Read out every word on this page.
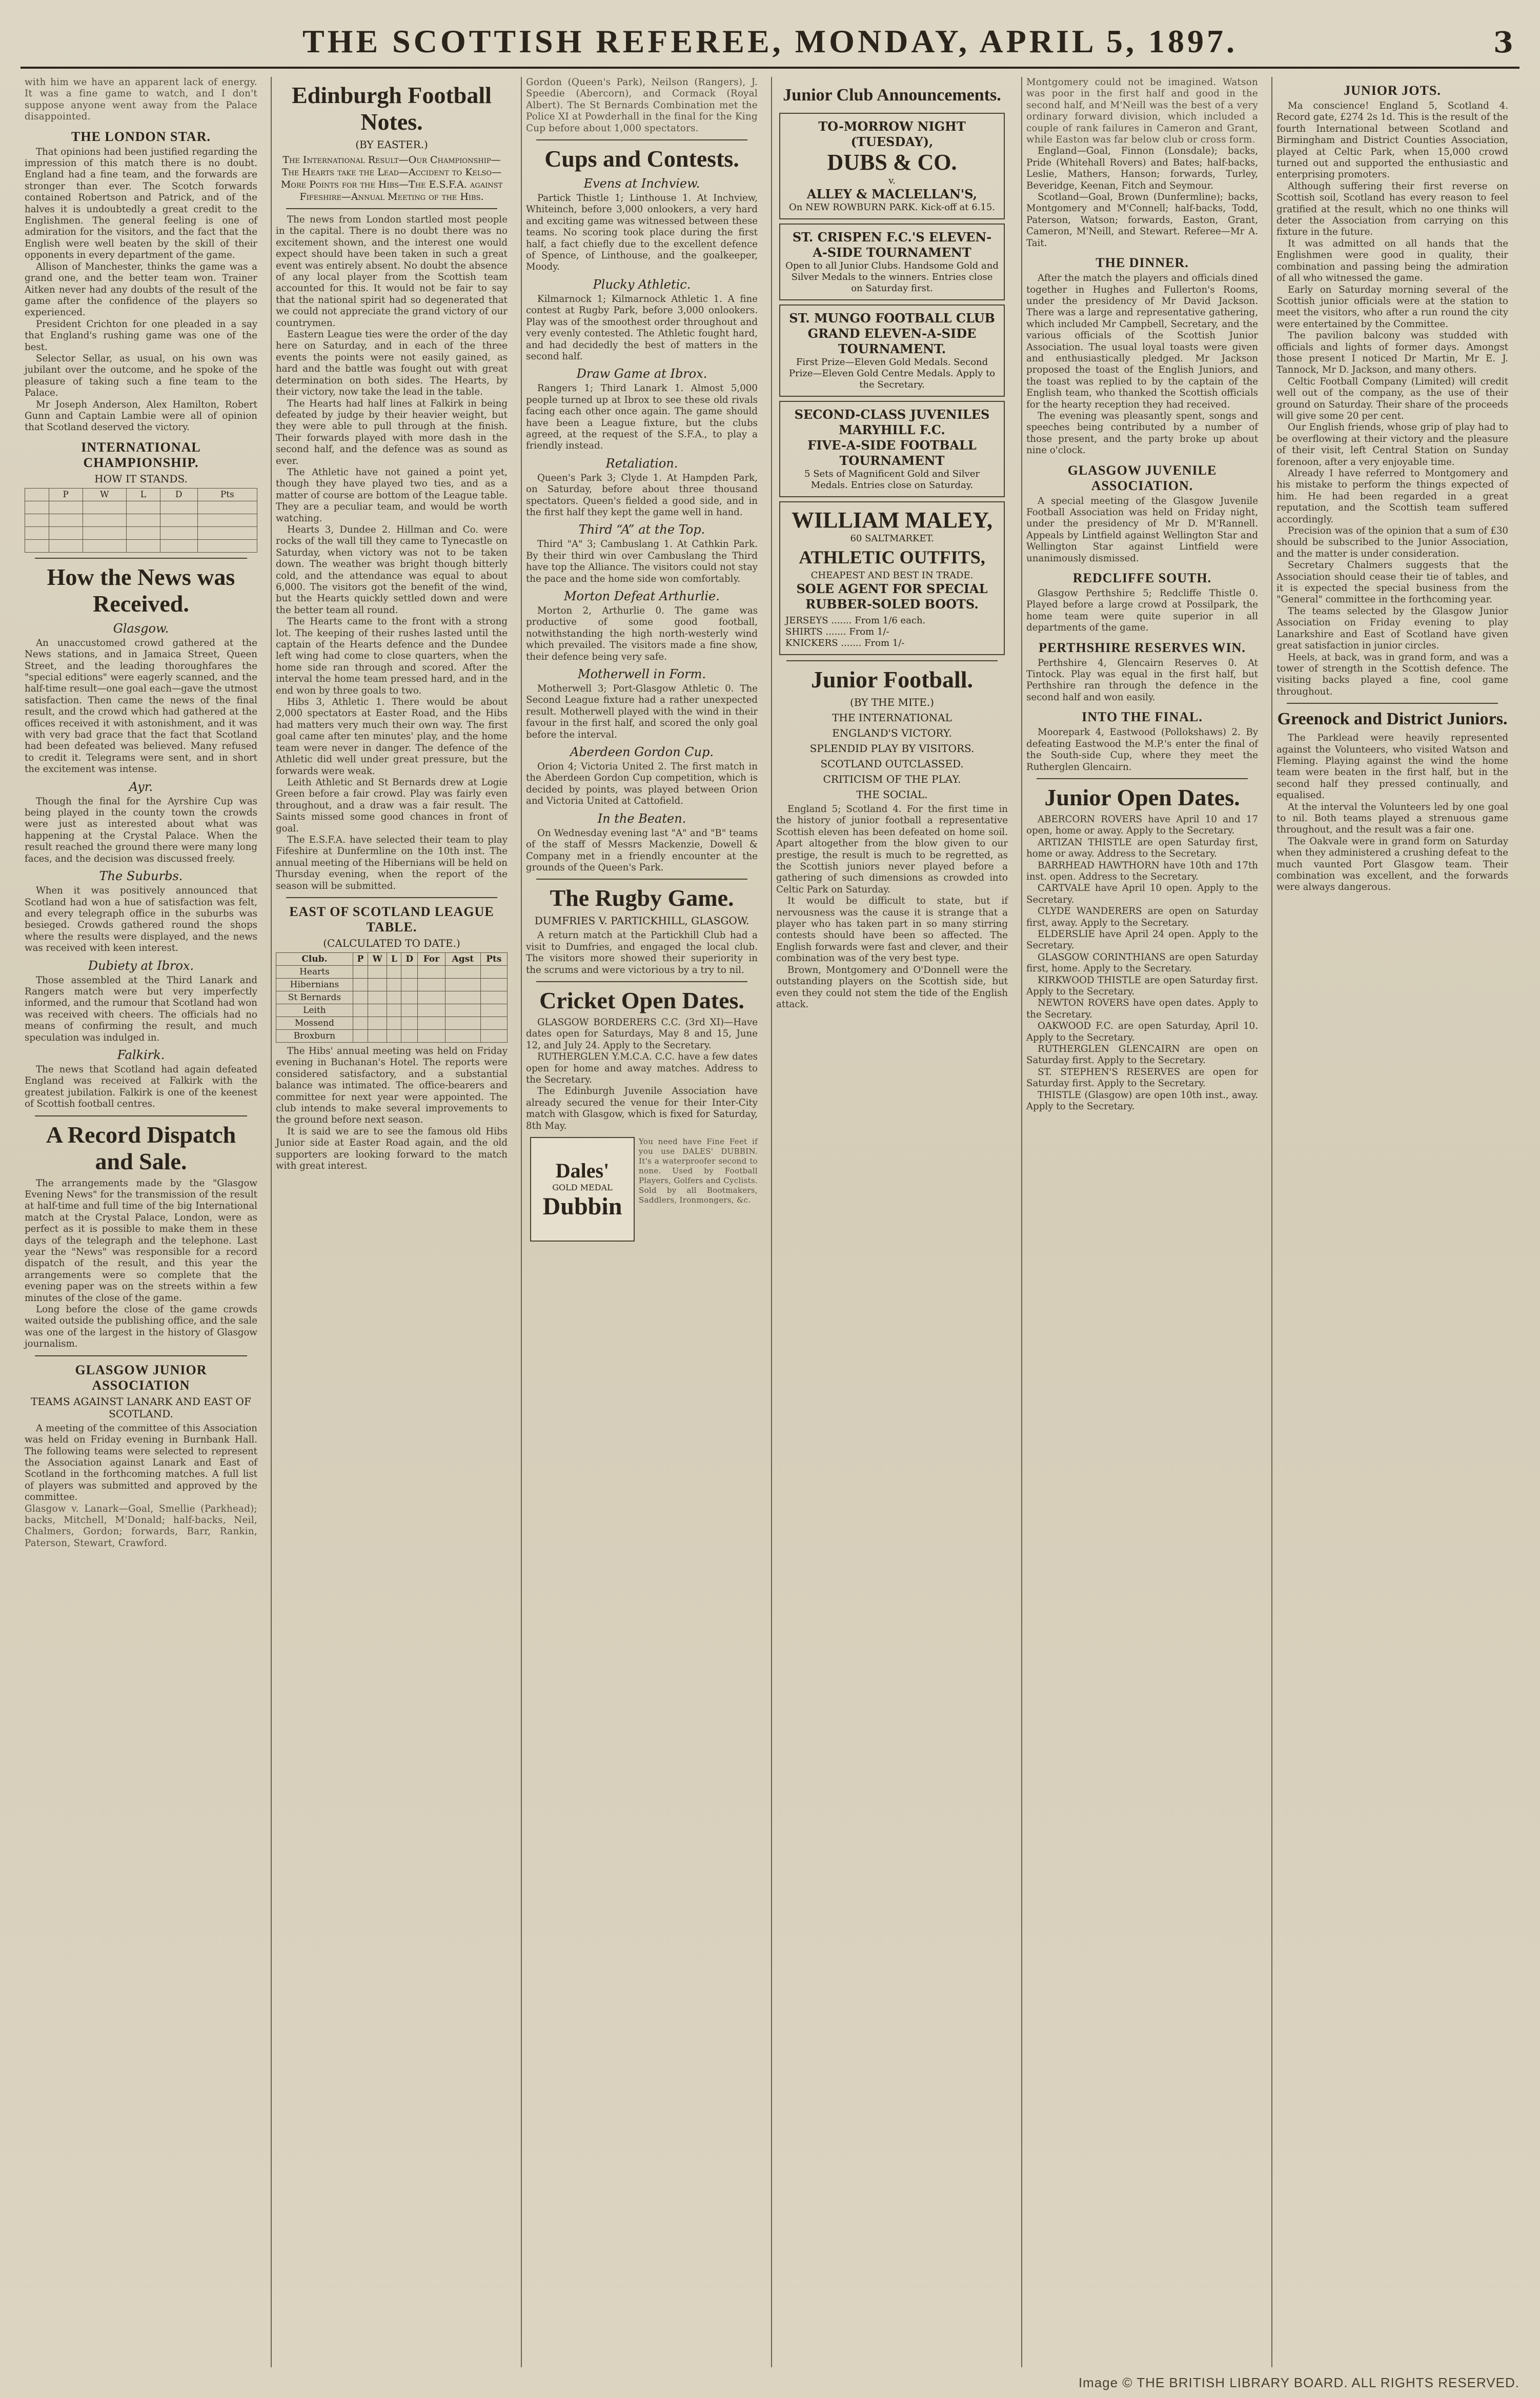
THE SCOTTISH REFEREE, MONDAY, APRIL 5, 1897.	3

with him we have an apparent lack of energy. It was a fine game to watch, and I don't suppose anyone went away from the Palace disappointed.

THE LONDON STAR.

That opinions had been justified regarding the impression of this match there is no doubt. England had a fine team, and the forwards are stronger than ever. The Scotch forwards contained Robertson and Patrick, and of the halves it is undoubtedly a great credit to the Englishmen. The general feeling is one of admiration for the visitors, and the fact that the English were well beaten by the skill of their opponents in every department of the game.

Allison of Manchester, thinks the game was a grand one, and the better team won. Trainer Aitken never had any doubts of the result of the game after the confidence of the players so experienced.

President Crichton for one pleaded in a say that England's rushing game was one of the best.

Selector Sellar, as usual, on his own was jubilant over the outcome, and he spoke of the pleasure of taking such a fine team to the Palace.

Mr Joseph Anderson, Alex Hamilton, Robert Gunn and Captain Lambie were all of opinion that Scotland deserved the victory.

INTERNATIONAL CHAMPIONSHIP.
HOW IT STANDS.
	P	W	L	D	Pts

How the News was Received.
Glasgow.

An unaccustomed crowd gathered at the News stations, and in Jamaica Street, Queen Street, and the leading thoroughfares the "special editions" were eagerly scanned, and the half-time result—one goal each—gave the utmost satisfaction. Then came the news of the final result, and the crowd which had gathered at the offices received it with astonishment, and it was with very bad grace that the fact that Scotland had been defeated was believed. Many refused to credit it. Telegrams were sent, and in short the excitement was intense.

Ayr.

Though the final for the Ayrshire Cup was being played in the county town the crowds were just as interested about what was happening at the Crystal Palace. When the result reached the ground there were many long faces, and the decision was discussed freely.

The Suburbs.

When it was positively announced that Scotland had won a hue of satisfaction was felt, and every telegraph office in the suburbs was besieged. Crowds gathered round the shops where the results were displayed, and the news was received with keen interest.

Dubiety at Ibrox.

Those assembled at the Third Lanark and Rangers match were but very imperfectly informed, and the rumour that Scotland had won was received with cheers. The officials had no means of confirming the result, and much speculation was indulged in.

Falkirk.

The news that Scotland had again defeated England was received at Falkirk with the greatest jubilation. Falkirk is one of the keenest of Scottish football centres.

A Record Dispatch and Sale.

The arrangements made by the "Glasgow Evening News" for the transmission of the result at half-time and full time of the big International match at the Crystal Palace, London, were as perfect as it is possible to make them in these days of the telegraph and the telephone. Last year the "News" was responsible for a record dispatch of the result, and this year the arrangements were so complete that the evening paper was on the streets within a few minutes of the close of the game.

Long before the close of the game crowds waited outside the publishing office, and the sale was one of the largest in the history of Glasgow journalism.

GLASGOW JUNIOR ASSOCIATION
TEAMS AGAINST LANARK AND EAST OF SCOTLAND.

A meeting of the committee of this Association was held on Friday evening in Burnbank Hall. The following teams were selected to represent the Association against Lanark and East of Scotland in the forthcoming matches. A full list of players was submitted and approved by the committee.

Glasgow v. Lanark—Goal, Smellie (Parkhead); backs, Mitchell, M'Donald; half-backs, Neil, Chalmers, Gordon; forwards, Barr, Rankin, Paterson, Stewart, Crawford.

Edinburgh Football Notes.
(BY EASTER.)
The International Result—Our Championship—The Hearts take the Lead—Accident to Kelso—More Points for the Hibs—The E.S.F.A. against Fifeshire—Annual Meeting of the Hibs.

The news from London startled most people in the capital. There is no doubt there was no excitement shown, and the interest one would expect should have been taken in such a great event was entirely absent. No doubt the absence of any local player from the Scottish team accounted for this. It would not be fair to say that the national spirit had so degenerated that we could not appreciate the grand victory of our countrymen.

Eastern League ties were the order of the day here on Saturday, and in each of the three events the points were not easily gained, as hard and the battle was fought out with great determination on both sides. The Hearts, by their victory, now take the lead in the table.

The Hearts had half lines at Falkirk in being defeated by judge by their heavier weight, but they were able to pull through at the finish. Their forwards played with more dash in the second half, and the defence was as sound as ever.

The Athletic have not gained a point yet, though they have played two ties, and as a matter of course are bottom of the League table. They are a peculiar team, and would be worth watching.

Hearts 3, Dundee 2. Hillman and Co. were rocks of the wall till they came to Tynecastle on Saturday, when victory was not to be taken down. The weather was bright though bitterly cold, and the attendance was equal to about 6,000. The visitors got the benefit of the wind, but the Hearts quickly settled down and were the better team all round.

The Hearts came to the front with a strong lot. The keeping of their rushes lasted until the captain of the Hearts defence and the Dundee left wing had come to close quarters, when the home side ran through and scored. After the interval the home team pressed hard, and in the end won by three goals to two.

Hibs 3, Athletic 1. There would be about 2,000 spectators at Easter Road, and the Hibs had matters very much their own way. The first goal came after ten minutes' play, and the home team were never in danger. The defence of the Athletic did well under great pressure, but the forwards were weak.

Leith Athletic and St Bernards drew at Logie Green before a fair crowd. Play was fairly even throughout, and a draw was a fair result. The Saints missed some good chances in front of goal.

The E.S.F.A. have selected their team to play Fifeshire at Dunfermline on the 10th inst. The annual meeting of the Hibernians will be held on Thursday evening, when the report of the season will be submitted.

EAST OF SCOTLAND LEAGUE TABLE.
(CALCULATED TO DATE.)
Club.	P	W	L	D	For	Agst	Pts
Hearts							
Hibernians							
St Bernards							
Leith							
Mossend							
Broxburn							

The Hibs' annual meeting was held on Friday evening in Buchanan's Hotel. The reports were considered satisfactory, and a substantial balance was intimated. The office-bearers and committee for next year were appointed. The club intends to make several improvements to the ground before next season.

It is said we are to see the famous old Hibs Junior side at Easter Road again, and the old supporters are looking forward to the match with great interest.

Gordon (Queen's Park), Neilson (Rangers), J. Speedie (Abercorn), and Cormack (Royal Albert). The St Bernards Combination met the Police XI at Powderhall in the final for the King Cup before about 1,000 spectators.

Cups and Contests.
Evens at Inchview.

Partick Thistle 1; Linthouse 1. At Inchview, Whiteinch, before 3,000 onlookers, a very hard and exciting game was witnessed between these teams. No scoring took place during the first half, a fact chiefly due to the excellent defence of Spence, of Linthouse, and the goalkeeper, Moody.

Plucky Athletic.

Kilmarnock 1; Kilmarnock Athletic 1. A fine contest at Rugby Park, before 3,000 onlookers. Play was of the smoothest order throughout and very evenly contested. The Athletic fought hard, and had decidedly the best of matters in the second half.

Draw Game at Ibrox.

Rangers 1; Third Lanark 1. Almost 5,000 people turned up at Ibrox to see these old rivals facing each other once again. The game should have been a League fixture, but the clubs agreed, at the request of the S.F.A., to play a friendly instead.

Retaliation.

Queen's Park 3; Clyde 1. At Hampden Park, on Saturday, before about three thousand spectators. Queen's fielded a good side, and in the first half they kept the game well in hand.

Third “A” at the Top.

Third "A" 3; Cambuslang 1. At Cathkin Park. By their third win over Cambuslang the Third have top the Alliance. The visitors could not stay the pace and the home side won comfortably.

Morton Defeat Arthurlie.

Morton 2, Arthurlie 0. The game was productive of some good football, notwithstanding the high north-westerly wind which prevailed. The visitors made a fine show, their defence being very safe.

Motherwell in Form.

Motherwell 3; Port-Glasgow Athletic 0. The Second League fixture had a rather unexpected result. Motherwell played with the wind in their favour in the first half, and scored the only goal before the interval.

Aberdeen Gordon Cup.

Orion 4; Victoria United 2. The first match in the Aberdeen Gordon Cup competition, which is decided by points, was played between Orion and Victoria United at Cattofield.

In the Beaten.

On Wednesday evening last "A" and "B" teams of the staff of Messrs Mackenzie, Dowell & Company met in a friendly encounter at the grounds of the Queen's Park.

The Rugby Game.
DUMFRIES V. PARTICKHILL, GLASGOW.

A return match at the Partickhill Club had a visit to Dumfries, and engaged the local club. The visitors more showed their superiority in the scrums and were victorious by a try to nil.

Cricket Open Dates.

GLASGOW BORDERERS C.C. (3rd XI)—Have dates open for Saturdays, May 8 and 15, June 12, and July 24. Apply to the Secretary.

RUTHERGLEN Y.M.C.A. C.C. have a few dates open for home and away matches. Address to the Secretary.

The Edinburgh Juvenile Association have already secured the venue for their Inter-City match with Glasgow, which is fixed for Saturday, 8th May.

Dales'
GOLD MEDAL
Dubbin

You need have Fine Feet if you use DALES' DUBBIN. It's a waterproofer second to none. Used by Football Players, Golfers and Cyclists. Sold by all Bootmakers, Saddlers, Ironmongers, &c.

Junior Club Announcements.
TO-MORROW NIGHT (TUESDAY),
DUBS & CO.
v.
ALLEY & MACLELLAN'S,
On NEW ROWBURN PARK. Kick-off at 6.15.
ST. CRISPEN F.C.'S ELEVEN-A-SIDE TOURNAMENT
Open to all Junior Clubs. Handsome Gold and Silver Medals to the winners. Entries close on Saturday first.
ST. MUNGO FOOTBALL CLUB
GRAND ELEVEN-A-SIDE TOURNAMENT.
First Prize—Eleven Gold Medals. Second Prize—Eleven Gold Centre Medals. Apply to the Secretary.
SECOND-CLASS JUVENILES
MARYHILL F.C.
FIVE-A-SIDE FOOTBALL TOURNAMENT
5 Sets of Magnificent Gold and Silver Medals. Entries close on Saturday.
WILLIAM MALEY,
60 SALTMARKET.
ATHLETIC OUTFITS,
CHEAPEST AND BEST IN TRADE.
SOLE AGENT FOR SPECIAL RUBBER-SOLED BOOTS.
JERSEYS ....... From 1/6 each.
SHIRTS ....... From 1/-
KNICKERS ....... From 1/-
Junior Football.
(BY THE MITE.)
THE INTERNATIONAL
ENGLAND'S VICTORY.
SPLENDID PLAY BY VISITORS.
SCOTLAND OUTCLASSED.
CRITICISM OF THE PLAY.
THE SOCIAL.

England 5; Scotland 4. For the first time in the history of junior football a representative Scottish eleven has been defeated on home soil. Apart altogether from the blow given to our prestige, the result is much to be regretted, as the Scottish juniors never played before a gathering of such dimensions as crowded into Celtic Park on Saturday.

It would be difficult to state, but if nervousness was the cause it is strange that a player who has taken part in so many stirring contests should have been so affected. The English forwards were fast and clever, and their combination was of the very best type.

Brown, Montgomery and O'Donnell were the outstanding players on the Scottish side, but even they could not stem the tide of the English attack.

Montgomery could not be imagined. Watson was poor in the first half and good in the second half, and M'Neill was the best of a very ordinary forward division, which included a couple of rank failures in Cameron and Grant, while Easton was far below club or cross form.

England—Goal, Finnon (Lonsdale); backs, Pride (Whitehall Rovers) and Bates; half-backs, Leslie, Mathers, Hanson; forwards, Turley, Beveridge, Keenan, Fitch and Seymour.

Scotland—Goal, Brown (Dunfermline); backs, Montgomery and M'Connell; half-backs, Todd, Paterson, Watson; forwards, Easton, Grant, Cameron, M'Neill, and Stewart. Referee—Mr A. Tait.

THE DINNER.

After the match the players and officials dined together in Hughes and Fullerton's Rooms, under the presidency of Mr David Jackson. There was a large and representative gathering, which included Mr Campbell, Secretary, and the various officials of the Scottish Junior Association. The usual loyal toasts were given and enthusiastically pledged. Mr Jackson proposed the toast of the English Juniors, and the toast was replied to by the captain of the English team, who thanked the Scottish officials for the hearty reception they had received.

The evening was pleasantly spent, songs and speeches being contributed by a number of those present, and the party broke up about nine o'clock.

GLASGOW JUVENILE ASSOCIATION.

A special meeting of the Glasgow Juvenile Football Association was held on Friday night, under the presidency of Mr D. M'Rannell. Appeals by Lintfield against Wellington Star and Wellington Star against Lintfield were unanimously dismissed.

REDCLIFFE SOUTH.

Glasgow Perthshire 5; Redcliffe Thistle 0. Played before a large crowd at Possilpark, the home team were quite superior in all departments of the game.

PERTHSHIRE RESERVES WIN.

Perthshire 4, Glencairn Reserves 0. At Tintock. Play was equal in the first half, but Perthshire ran through the defence in the second half and won easily.

INTO THE FINAL.

Moorepark 4, Eastwood (Pollokshaws) 2. By defeating Eastwood the M.P.'s enter the final of the South-side Cup, where they meet the Rutherglen Glencairn.

Junior Open Dates.

ABERCORN ROVERS have April 10 and 17 open, home or away. Apply to the Secretary.

ARTIZAN THISTLE are open Saturday first, home or away. Address to the Secretary.

BARRHEAD HAWTHORN have 10th and 17th inst. open. Address to the Secretary.

CARTVALE have April 10 open. Apply to the Secretary.

CLYDE WANDERERS are open on Saturday first, away. Apply to the Secretary.

ELDERSLIE have April 24 open. Apply to the Secretary.

GLASGOW CORINTHIANS are open Saturday first, home. Apply to the Secretary.

KIRKWOOD THISTLE are open Saturday first. Apply to the Secretary.

NEWTON ROVERS have open dates. Apply to the Secretary.

OAKWOOD F.C. are open Saturday, April 10. Apply to the Secretary.

RUTHERGLEN GLENCAIRN are open on Saturday first. Apply to the Secretary.

ST. STEPHEN'S RESERVES are open for Saturday first. Apply to the Secretary.

THISTLE (Glasgow) are open 10th inst., away. Apply to the Secretary.

JUNIOR JOTS.

Ma conscience! England 5, Scotland 4. Record gate, £274 2s 1d. This is the result of the fourth International between Scotland and Birmingham and District Counties Association, played at Celtic Park, when 15,000 crowd turned out and supported the enthusiastic and enterprising promoters.

Although suffering their first reverse on Scottish soil, Scotland has every reason to feel gratified at the result, which no one thinks will deter the Association from carrying on this fixture in the future.

It was admitted on all hands that the Englishmen were good in quality, their combination and passing being the admiration of all who witnessed the game.

Early on Saturday morning several of the Scottish junior officials were at the station to meet the visitors, who after a run round the city were entertained by the Committee.

The pavilion balcony was studded with officials and lights of former days. Amongst those present I noticed Dr Martin, Mr E. J. Tannock, Mr D. Jackson, and many others.

Celtic Football Company (Limited) will credit well out of the company, as the use of their ground on Saturday. Their share of the proceeds will give some 20 per cent.

Our English friends, whose grip of play had to be overflowing at their victory and the pleasure of their visit, left Central Station on Sunday forenoon, after a very enjoyable time.

Already I have referred to Montgomery and his mistake to perform the things expected of him. He had been regarded in a great reputation, and the Scottish team suffered accordingly.

Precision was of the opinion that a sum of £30 should be subscribed to the Junior Association, and the matter is under consideration.

Secretary Chalmers suggests that the Association should cease their tie of tables, and it is expected the special business from the "General" committee in the forthcoming year.

The teams selected by the Glasgow Junior Association on Friday evening to play Lanarkshire and East of Scotland have given great satisfaction in junior circles.

Heels, at back, was in grand form, and was a tower of strength in the Scottish defence. The visiting backs played a fine, cool game throughout.

Greenock and District Juniors.

The Parklead were heavily represented against the Volunteers, who visited Watson and Fleming. Playing against the wind the home team were beaten in the first half, but in the second half they pressed continually, and equalised.

At the interval the Volunteers led by one goal to nil. Both teams played a strenuous game throughout, and the result was a fair one.

The Oakvale were in grand form on Saturday when they administered a crushing defeat to the much vaunted Port Glasgow team. Their combination was excellent, and the forwards were always dangerous.

Image © THE BRITISH LIBRARY BOARD. ALL RIGHTS RESERVED.
